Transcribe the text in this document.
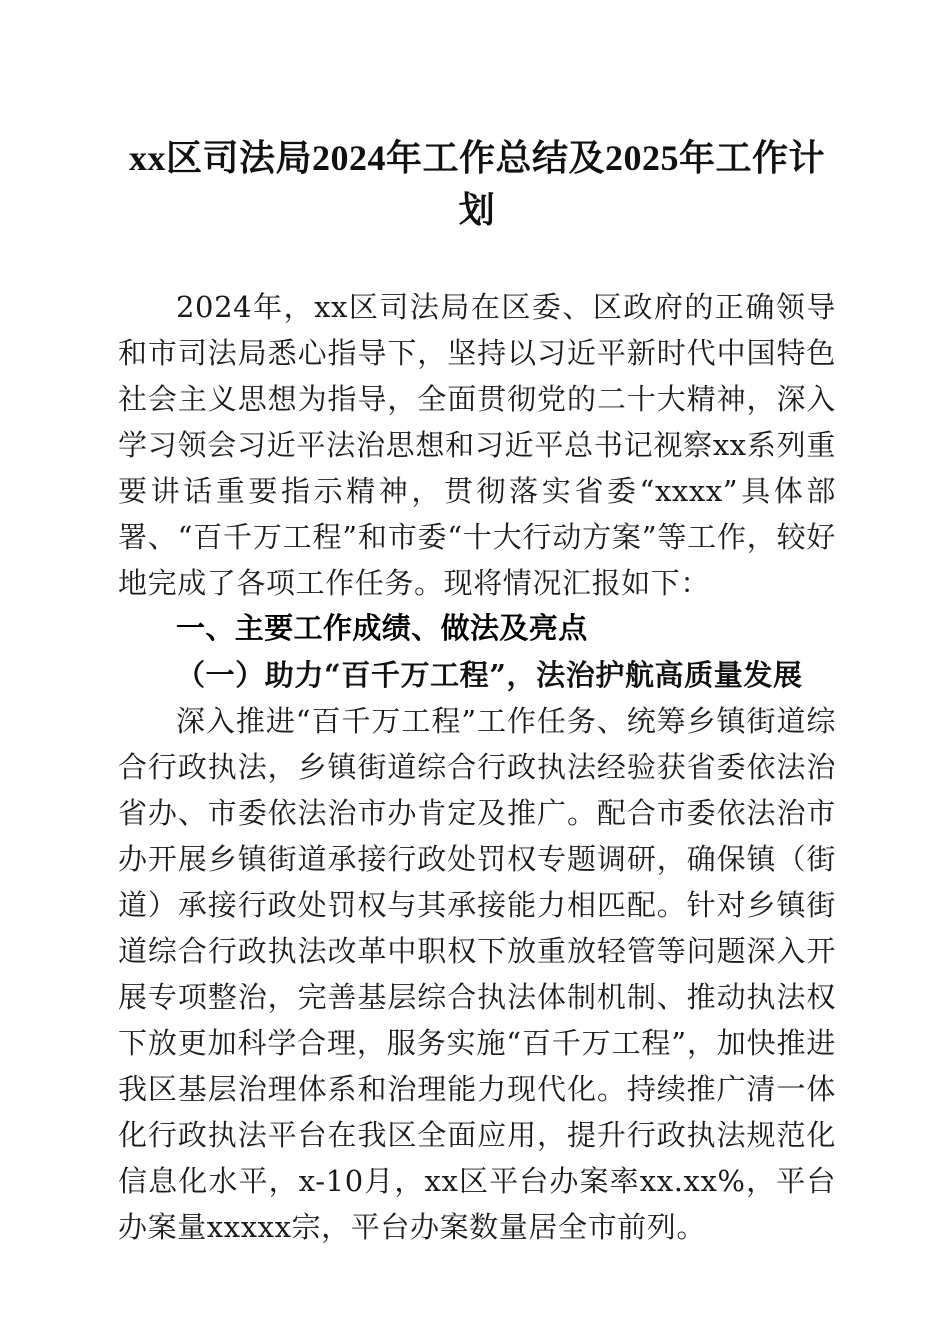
xx区司法局2024年工作总结及2025年工作计划

2024年，xx区司法局在区委、区政府的正确领导和市司法局悉心指导下，坚持以习近平新时代中国特色社会主义思想为指导，全面贯彻党的二十大精神，深入学习领会习近平法治思想和习近平总书记视察xx系列重要讲话重要指示精神，贯彻落实省委“xxxx”具体部署、“百千万工程”和市委“十大行动方案”等工作，较好地完成了各项工作任务。现将情况汇报如下：

一、主要工作成绩、做法及亮点

（一）助力“百千万工程”，法治护航高质量发展

深入推进“百千万工程”工作任务、统筹乡镇街道综合行政执法，乡镇街道综合行政执法经验获省委依法治省办、市委依法治市办肯定及推广。配合市委依法治市办开展乡镇街道承接行政处罚权专题调研，确保镇（街道）承接行政处罚权与其承接能力相匹配。针对乡镇街道综合行政执法改革中职权下放重放轻管等问题深入开展专项整治，完善基层综合执法体制机制、推动执法权下放更加科学合理，服务实施“百千万工程”，加快推进我区基层治理体系和治理能力现代化。持续推广清一体化行政执法平台在我区全面应用，提升行政执法规范化信息化水平，x-10月，xx区平台办案率xx.xx%，平台办案量xxxxx宗，平台办案数量居全市前列。
